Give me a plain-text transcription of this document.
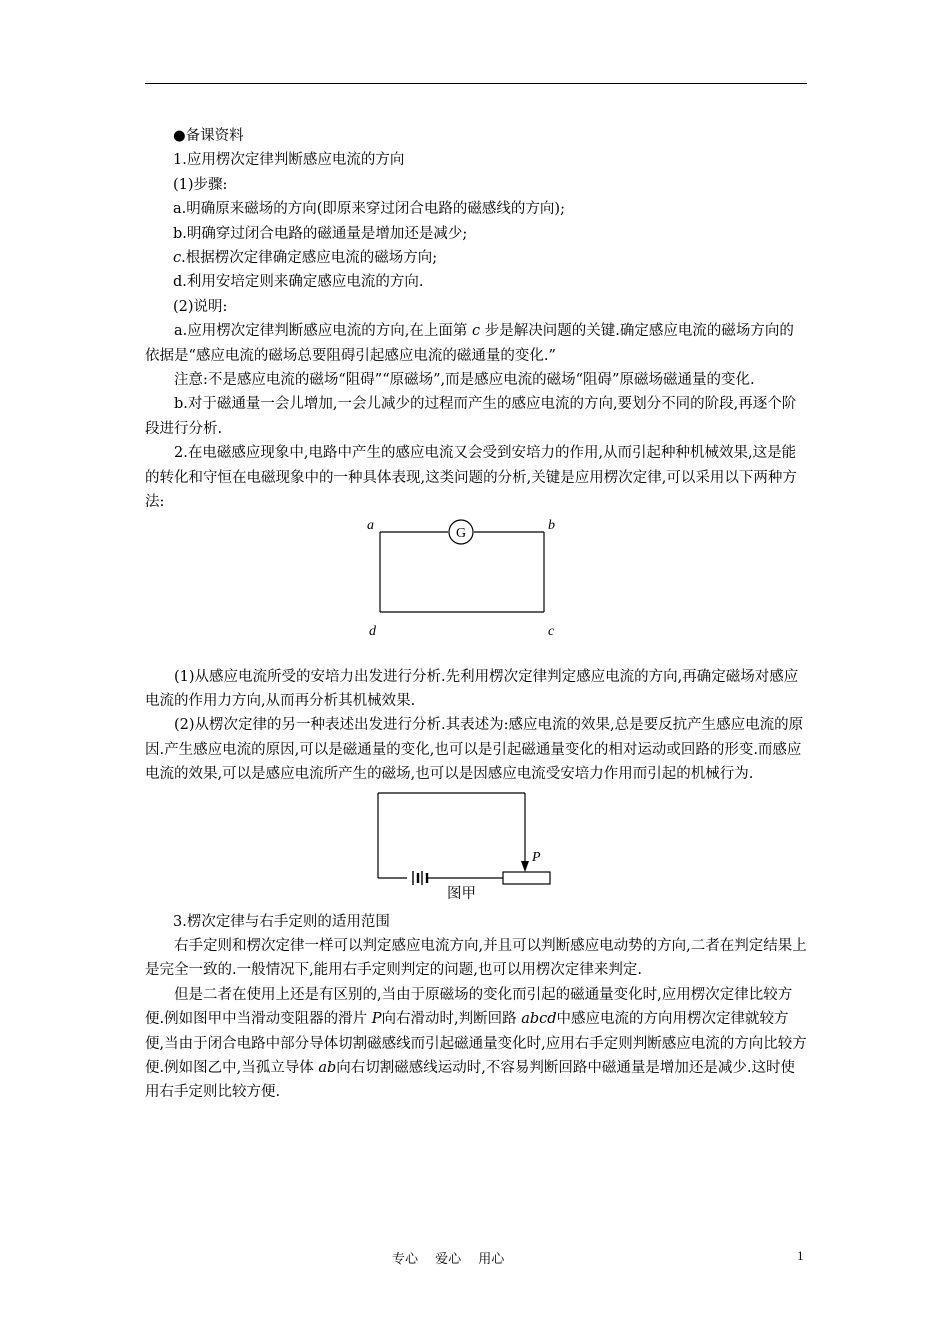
●备课资料

1.应用楞次定律判断感应电流的方向

(1)步骤:

a.明确原来磁场的方向(即原来穿过闭合电路的磁感线的方向);

b.明确穿过闭合电路的磁通量是增加还是减少;

c.根据楞次定律确定感应电流的磁场方向;

d.利用安培定则来确定感应电流的方向.

(2)说明:

a.应用楞次定律判断感应电流的方向,在上面第 c 步是解决问题的关键.确定感应电流的磁场方向的依据是“感应电流的磁场总要阻碍引起感应电流的磁通量的变化.”

注意:不是感应电流的磁场“阻碍”“原磁场”,而是感应电流的磁场“阻碍”原磁场磁通量的变化.

b.对于磁通量一会儿增加,一会儿减少的过程而产生的感应电流的方向,要划分不同的阶段,再逐个阶段进行分析.

2.在电磁感应现象中,电路中产生的感应电流又会受到安培力的作用,从而引起种种机械效果,这是能的转化和守恒在电磁现象中的一种具体表现,这类问题的分析,关键是应用楞次定律,可以采用以下两种方法:

G
a	b
c
d

(1)从感应电流所受的安培力出发进行分析.先利用楞次定律判定感应电流的方向,再确定磁场对感应电流的作用力方向,从而再分析其机械效果.

(2)从楞次定律的另一种表述出发进行分析.其表述为:感应电流的效果,总是要反抗产生感应电流的原因.产生感应电流的原因,可以是磁通量的变化,也可以是引起磁通量变化的相对运动或回路的形变.而感应电流的效果,可以是感应电流所产生的磁场,也可以是因感应电流受安培力作用而引起的机械行为.

P
图甲

3.楞次定律与右手定则的适用范围

右手定则和楞次定律一样可以判定感应电流方向,并且可以判断感应电动势的方向,二者在判定结果上是完全一致的.一般情况下,能用右手定则判定的问题,也可以用楞次定律来判定.

但是二者在使用上还是有区别的,当由于原磁场的变化而引起的磁通量变化时,应用楞次定律比较方便.例如图甲中当滑动变阻器的滑片 P向右滑动时,判断回路 abcd中感应电流的方向用楞次定律就较方便,当由于闭合电路中部分导体切割磁感线而引起磁通量变化时,应用右手定则判断感应电流的方向比较方便.例如图乙中,当孤立导体 ab向右切割磁感线运动时,不容易判断回路中磁通量是增加还是减少.这时使用右手定则比较方便.

专心　 爱心　 用心	1
